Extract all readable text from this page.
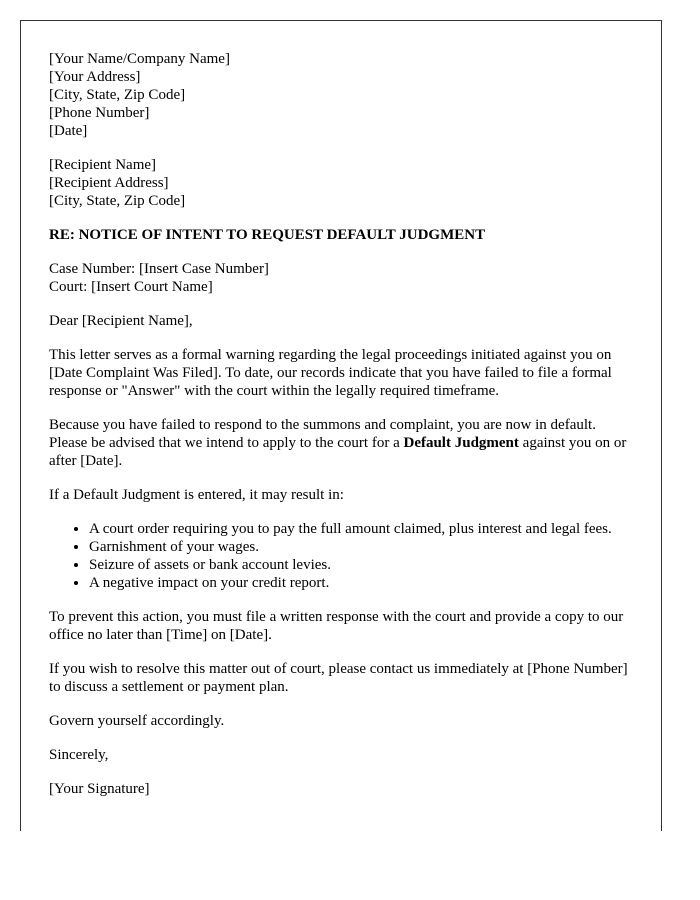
[Your Name/Company Name]
[Your Address]
[City, State, Zip Code]
[Phone Number]
[Date]

[Recipient Name]
[Recipient Address]
[City, State, Zip Code]

RE: NOTICE OF INTENT TO REQUEST DEFAULT JUDGMENT

Case Number: [Insert Case Number]
Court: [Insert Court Name]

Dear [Recipient Name],

This letter serves as a formal warning regarding the legal proceedings initiated against you on [Date Complaint Was Filed]. To date, our records indicate that you have failed to file a formal response or "Answer" with the court within the legally required timeframe.

Because you have failed to respond to the summons and complaint, you are now in default. Please be advised that we intend to apply to the court for a Default Judgment against you on or after [Date].

If a Default Judgment is entered, it may result in:

• A court order requiring you to pay the full amount claimed, plus interest and legal fees.
• Garnishment of your wages.
• Seizure of assets or bank account levies.
• A negative impact on your credit report.

To prevent this action, you must file a written response with the court and provide a copy to our office no later than [Time] on [Date].

If you wish to resolve this matter out of court, please contact us immediately at [Phone Number] to discuss a settlement or payment plan.

Govern yourself accordingly.

Sincerely,

[Your Signature]
